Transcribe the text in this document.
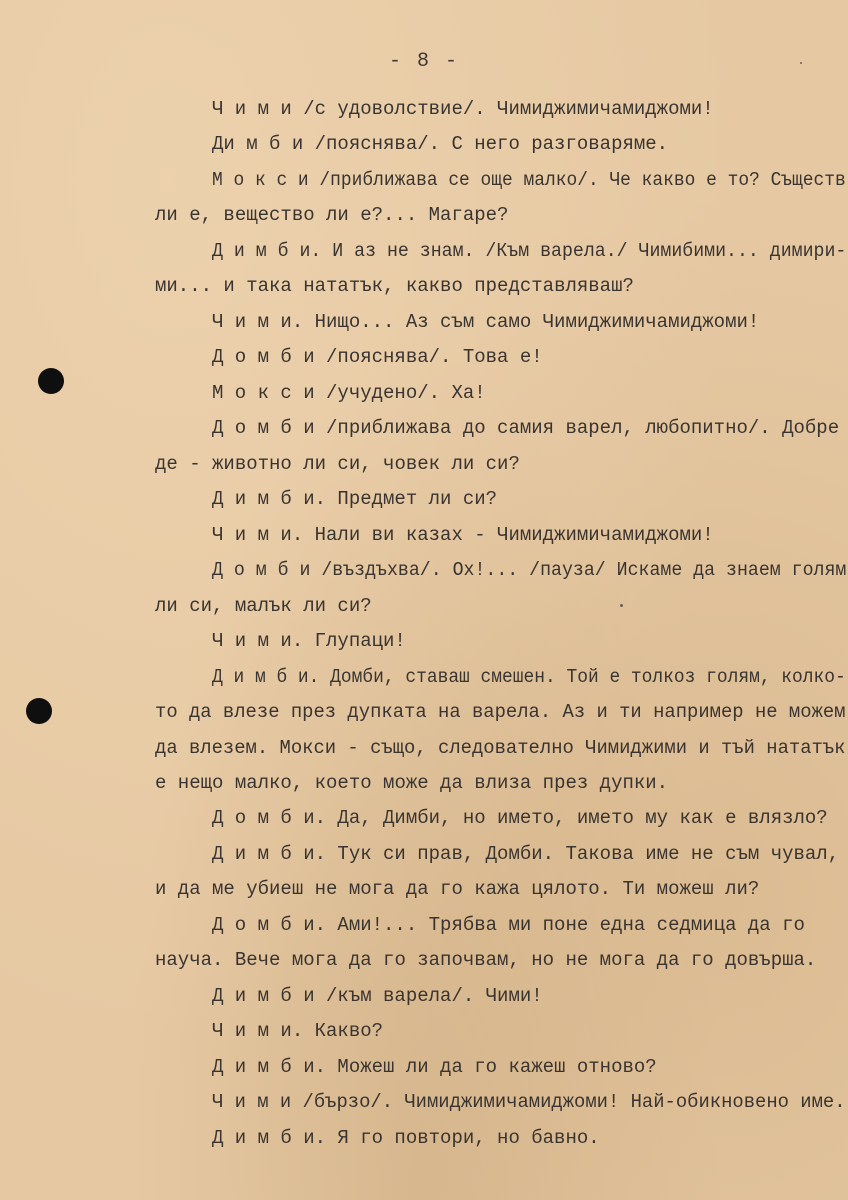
- 8 -
Ч и м и /с удоволствие/. Чимиджимичамиджоми!
Ди м б и /пояснява/. С него разговаряме.
М о к с и /приближава се още малко/. Че какво е то? Съществ
ли е, вещество ли е?... Магаре?
Д и м б и. И аз не знам. /Към варела./ Чимибими... димири-
ми... и така нататък, какво представляваш?
Ч и м и. Нищо... Аз съм само Чимиджимичамиджоми!
Д о м б и /пояснява/. Това е!
М о к с и /учудено/. Ха!
Д о м б и /приближава до самия варел, любопитно/. Добре
де - животно ли си, човек ли си?
Д и м б и. Предмет ли си?
Ч и м и. Нали ви казах - Чимиджимичамиджоми!
Д о м б и /въздъхва/. Ох!... /пауза/ Искаме да знаем голям
ли си, малък ли си?
Ч и м и. Глупаци!
Д и м б и. Домби, ставаш смешен. Той е толкоз голям, колко-
то да влезе през дупката на варела. Аз и ти например не можем
да влезем. Мокси - също, следователно Чимиджими и тъй нататък
е нещо малко, което може да влиза през дупки.
Д о м б и. Да, Димби, но името, името му как е влязло?
Д и м б и. Тук си прав, Домби. Такова име не съм чувал,
и да ме убиеш не мога да го кажа цялото. Ти можеш ли?
Д о м б и. Ами!... Трябва ми поне една седмица да го
науча. Вече мога да го започвам, но не мога да го довърша.
Д и м б и /към варела/. Чими!
Ч и м и. Какво?
Д и м б и. Можеш ли да го кажеш отново?
Ч и м и /бързо/. Чимиджимичамиджоми! Най-обикновено име.
Д и м б и. Я го повтори, но бавно.
